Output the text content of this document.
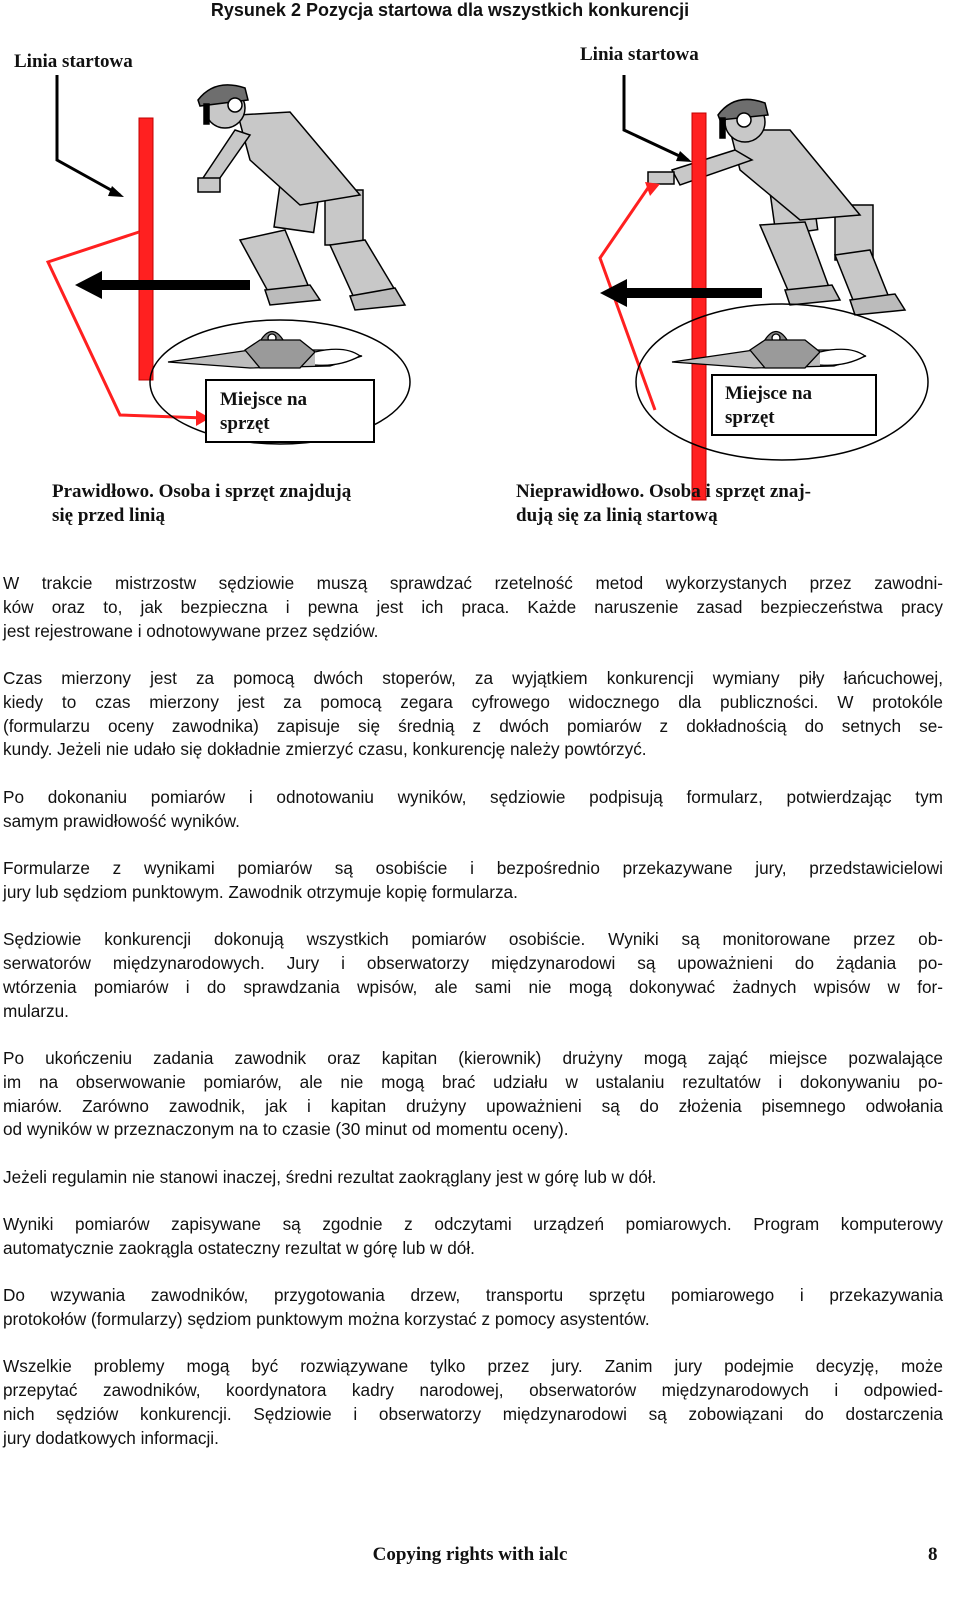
Rysunek 2 Pozycja startowa dla wszystkich konkurencji
Linia startowa	Linia startowa
Miejsce na
sprzęt
Miejsce na
sprzęt
Prawidłowo. Osoba i sprzęt znajdują
się przed linią
Nieprawidłowo. Osoba i sprzęt znaj-
dują się za linią startową

W trakcie mistrzostw sędziowie muszą sprawdzać rzetelność metod wykorzystanych przez zawodni-
ków oraz to, jak bezpieczna i pewna jest ich praca. Każde naruszenie zasad bezpieczeństwa pracy
jest rejestrowane i odnotowywane przez sędziów.

Czas mierzony jest za pomocą dwóch stoperów, za wyjątkiem konkurencji wymiany piły łańcuchowej,
kiedy to czas mierzony jest za pomocą zegara cyfrowego widocznego dla publiczności. W protokóle
(formularzu oceny zawodnika) zapisuje się średnią z dwóch pomiarów z dokładnością do setnych se-
kundy. Jeżeli nie udało się dokładnie zmierzyć czasu, konkurencję należy powtórzyć.

Po dokonaniu pomiarów i odnotowaniu wyników, sędziowie podpisują formularz, potwierdzając tym
samym prawidłowość wyników.

Formularze z wynikami pomiarów są osobiście i bezpośrednio przekazywane jury, przedstawicielowi
jury lub sędziom punktowym. Zawodnik otrzymuje kopię formularza.

Sędziowie konkurencji dokonują wszystkich pomiarów osobiście. Wyniki są monitorowane przez ob-
serwatorów międzynarodowych. Jury i obserwatorzy międzynarodowi są upoważnieni do żądania po-
wtórzenia pomiarów i do sprawdzania wpisów, ale sami nie mogą dokonywać żadnych wpisów w for-
mularzu.

Po ukończeniu zadania zawodnik oraz kapitan (kierownik) drużyny mogą zająć miejsce pozwalające
im na obserwowanie pomiarów, ale nie mogą brać udziału w ustalaniu rezultatów i dokonywaniu po-
miarów. Zarówno zawodnik, jak i kapitan drużyny upoważnieni są do złożenia pisemnego odwołania
od wyników w przeznaczonym na to czasie (30 minut od momentu oceny).

Jeżeli regulamin nie stanowi inaczej, średni rezultat zaokrąglany jest w górę lub w dół.

Wyniki pomiarów zapisywane są zgodnie z odczytami urządzeń pomiarowych. Program komputerowy
automatycznie zaokrągla ostateczny rezultat w górę lub w dół.

Do wzywania zawodników, przygotowania drzew, transportu sprzętu pomiarowego i przekazywania
protokołów (formularzy) sędziom punktowym można korzystać z pomocy asystentów.

Wszelkie problemy mogą być rozwiązywane tylko przez jury. Zanim jury podejmie decyzję, może
przepytać zawodników, koordynatora kadry narodowej, obserwatorów międzynarodowych i odpowied-
nich sędziów konkurencji. Sędziowie i obserwatorzy międzynarodowi są zobowiązani do dostarczenia
jury dodatkowych informacji.

Copying rights with ialc	8
